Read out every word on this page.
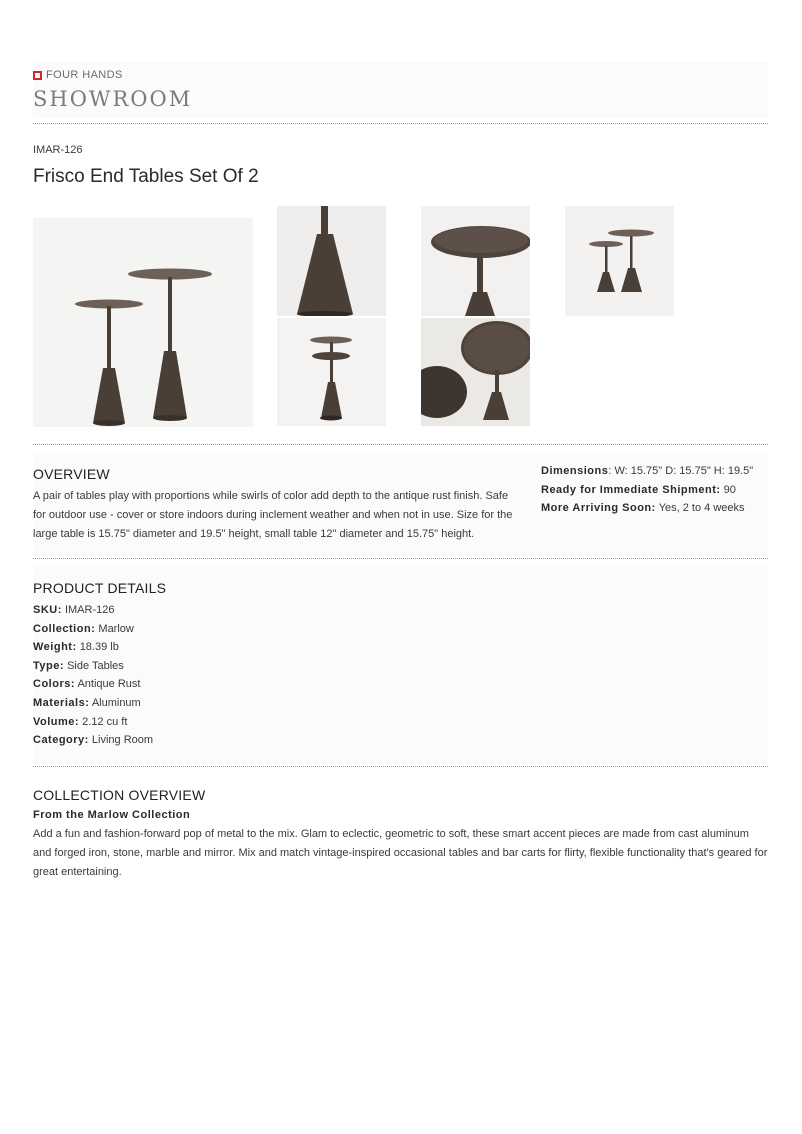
FOUR HANDS
SHOWROOM
IMAR-126
Frisco End Tables Set Of 2
OVERVIEW
A pair of tables play with proportions while swirls of color add depth to the antique rust finish. Safe for outdoor use - cover or store indoors during inclement weather and when not in use. Size for the large table is 15.75" diameter and 19.5" height, small table 12" diameter and 15.75" height.
Dimensions: W: 15.75" D: 15.75" H: 19.5"
Ready for Immediate Shipment: 90
More Arriving Soon: Yes, 2 to 4 weeks
PRODUCT DETAILS
SKU: IMAR-126
Collection: Marlow
Weight: 18.39 lb
Type: Side Tables
Colors: Antique Rust
Materials: Aluminum
Volume: 2.12 cu ft
Category: Living Room
COLLECTION OVERVIEW
From the Marlow Collection
Add a fun and fashion-forward pop of metal to the mix. Glam to eclectic, geometric to soft, these smart accent pieces are made from cast aluminum and forged iron, stone, marble and mirror. Mix and match vintage-inspired occasional tables and bar carts for flirty, flexible functionality that's geared for great entertaining.
